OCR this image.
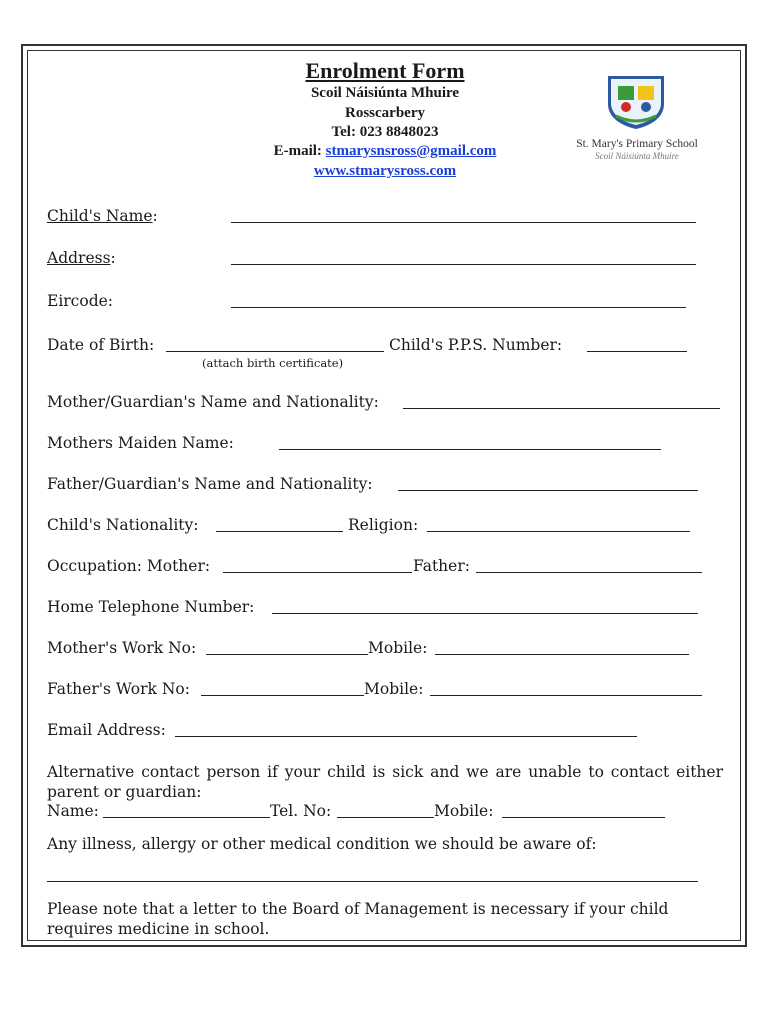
Enrolment Form
Scoil Náisiúnta Mhuire
Rosscarbery
Tel: 023 8848023
E-mail: stmarysnsross@gmail.com
www.stmarysross.com
St. Mary's Primary School
Scoil Náisiúnta Mhuire
Child's Name:
Address:
Eircode:
Date of Birth:	Child's P.P.S. Number:
(attach birth certificate)
Mother/Guardian's Name and Nationality:
Mothers Maiden Name:
Father/Guardian's Name and Nationality:
Child's Nationality:	Religion:
Occupation: Mother:	Father:
Home Telephone Number:
Mother's Work No:	Mobile:
Father's Work No:	Mobile:
Email Address:
Alternative contact person if your child is sick and we are unable to contact either parent or guardian:
Name:	Tel. No:	Mobile:
Any illness, allergy or other medical condition we should be aware of:
Please note that a letter to the Board of Management is necessary if your child requires medicine in school.
